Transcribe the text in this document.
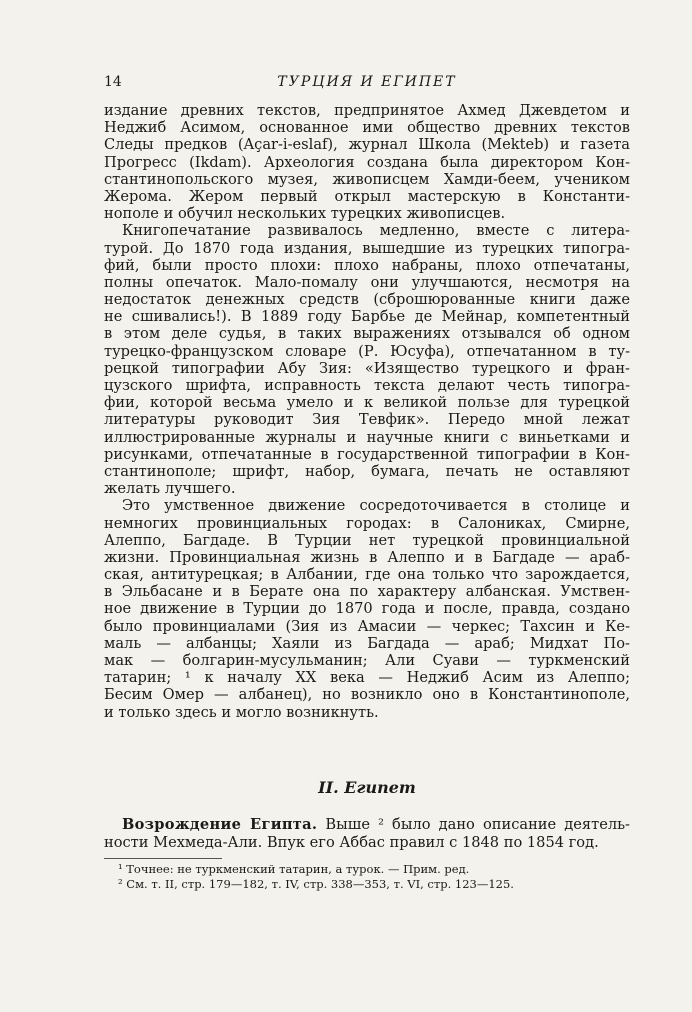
14	ТУРЦИЯ И ЕГИПЕТ
издание древних текстов, предпринятое Ахмед Джевдетом и
Неджиб Асимом, основанное ими общество древних текстов
Следы предков (Açar-i-eslaf), журнал Школа (Mekteb) и газета
Прогресс (Ikdam). Археология создана была директором Кон-
стантинопольского музея, живописцем Хамди-беем, учеником
Жерома. Жером первый открыл мастерскую в Константи-
нополе и обучил нескольких турецких живописцев.
Книгопечатание развивалось медленно, вместе с литера-
турой. До 1870 года издания, вышедшие из турецких типогра-
фий, были просто плохи: плохо набраны, плохо отпечатаны,
полны опечаток. Мало-помалу они улучшаются, несмотря на
недостаток денежных средств (сброшюрованные книги даже
не сшивались!). В 1889 году Барбье де Мейнар, компетентный
в этом деле судья, в таких выражениях отзывался об одном
турецко-французском словаре (Р. Юсуфа), отпечатанном в ту-
рецкой типографии Абу Зия: «Изящество турецкого и фран-
цузского шрифта, исправность текста делают честь типогра-
фии, которой весьма умело и к великой пользе для турецкой
литературы руководит Зия Тевфик». Передо мной лежат
иллюстрированные журналы и научные книги с виньетками и
рисунками, отпечатанные в государственной типографии в Кон-
стантинополе; шрифт, набор, бумага, печать не оставляют
желать лучшего.
Это умственное движение сосредоточивается в столице и
немногих провинциальных городах: в Салониках, Смирне,
Алеппо, Багдаде. В Турции нет турецкой провинциальной
жизни. Провинциальная жизнь в Алеппо и в Багдаде — араб-
ская, антитурецкая; в Албании, где она только что зарождается,
в Эльбасане и в Берате она по характеру албанская. Умствен-
ное движение в Турции до 1870 года и после, правда, создано
было провинциалами (Зия из Амасии — черкес; Тахсин и Ке-
маль — албанцы; Хаяли из Багдада — араб; Мидхат По-
мак — болгарин-мусульманин; Али Суави — туркменский
татарин; ¹ к началу XX века — Неджиб Асим из Алеппо;
Бесим Омер — албанец), но возникло оно в Константинополе,
и только здесь и могло возникнуть.
II. Египет
Возрождение Египта. Выше ² было дано описание деятель-
ности Мехмеда-Али. Впук его Аббас правил с 1848 по 1854 год.
¹ Точнее: не туркменский татарин, а турок. — Прим. ред.
² См. т. II, стр. 179—182, т. IV, стр. 338—353, т. VI, стр. 123—125.
